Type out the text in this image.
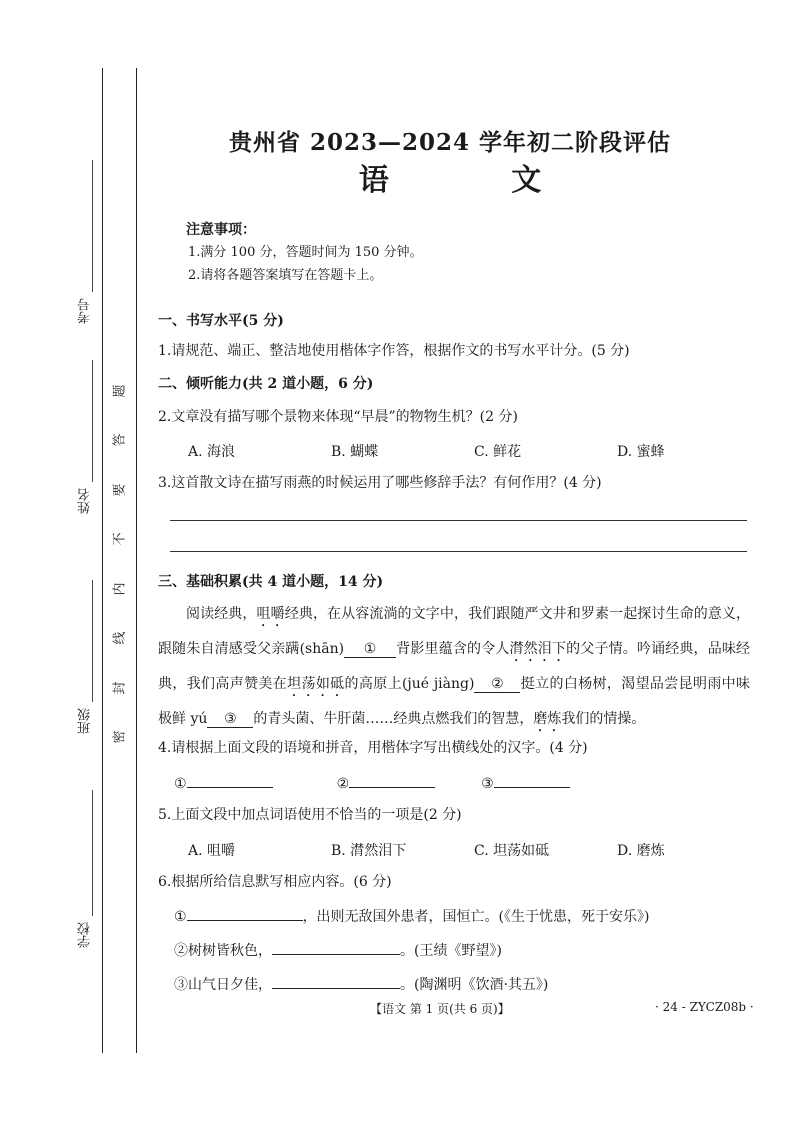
考号
姓名
班级
学校
题
答
要
不
内
线
封
密
贵州省 2023—2024 学年初二阶段评估
语 文
注意事项：
1.满分 100 分，答题时间为 150 分钟。
2.请将各题答案填写在答题卡上。
一、书写水平(5 分)
1.请规范、端正、整洁地使用楷体字作答，根据作文的书写水平计分。(5 分)
二、倾听能力(共 2 道小题，6 分)
2.文章没有描写哪个景物来体现“早晨”的物物生机？(2 分)
A. 海浪	B. 蝴蝶	C. 鲜花	D. 蜜蜂
3.这首散文诗在描写雨燕的时候运用了哪些修辞手法？有何作用？(4 分)
三、基础积累(共 4 道小题，14 分)
阅读经典，咀嚼经典，在从容流淌的文字中，我们跟随严文井和罗素一起探讨生命的意义，跟随朱自清感受父亲蹒(shān) ① 背影里蕴含的令人潸然泪下的父子情。吟诵经典，品味经典，我们高声赞美在坦荡如砥的高原上(jué jiàng) ② 挺立的白杨树，渴望品尝昆明雨中味极鲜 yú ③ 的青头菌、牛肝菌……经典点燃我们的智慧，磨炼我们的情操。
4.请根据上面文段的语境和拼音，用楷体字写出横线处的汉字。(4 分)
①	②	③
5.上面文段中加点词语使用不恰当的一项是(2 分)
A. 咀嚼	B. 潸然泪下	C. 坦荡如砥	D. 磨炼
6.根据所给信息默写相应内容。(6 分)
①	，出则无敌国外患者，国恒亡。(《生于忧患，死于安乐》)
②树树皆秋色，	。(王绩《野望》)
③山气日夕佳，	。(陶渊明《饮酒·其五》)
【语文 第 1 页(共 6 页)】	· 24 - ZYCZ08b ·
